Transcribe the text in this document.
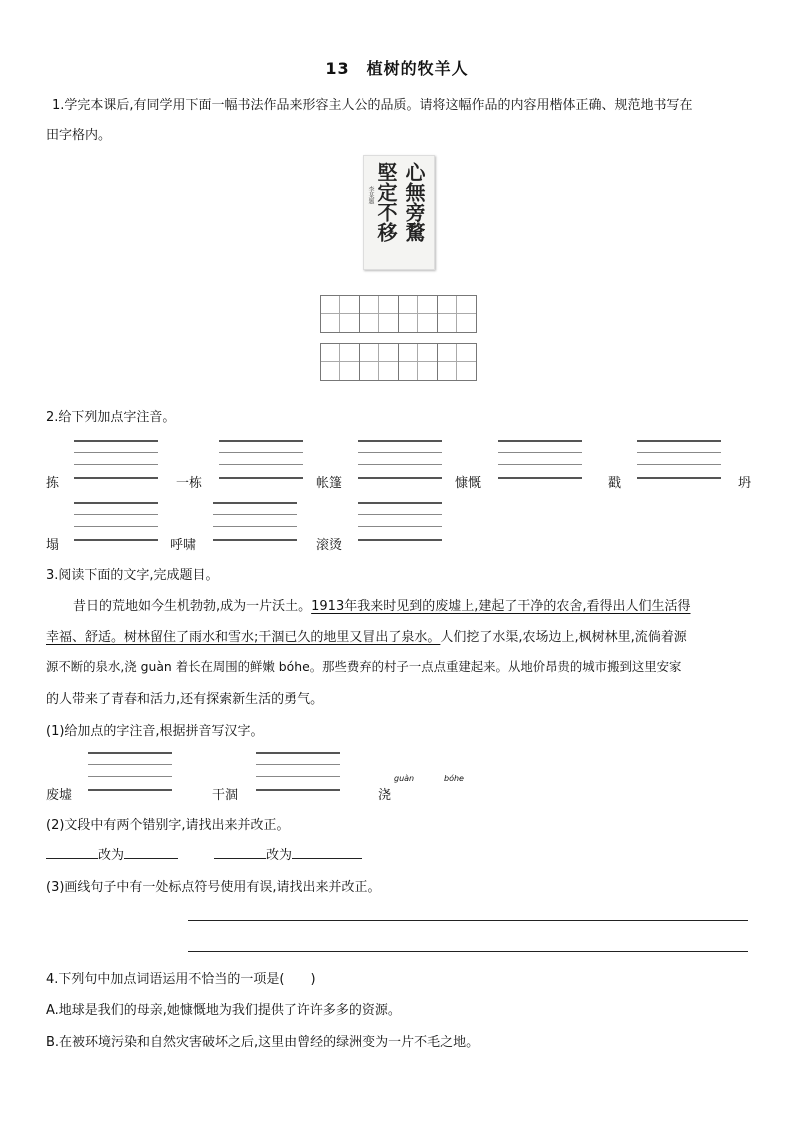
13　植树的牧羊人
1.学完本课后,有同学用下面一幅书法作品来形容主人公的品质。请将这幅作品的内容用楷体正确、规范地书写在
田字格内。
心無旁騖
堅定不移
李某题
2.给下列加点字注音。
拣	一栋	帐篷	慷慨	戳	坍
塌	呼啸	滚烫
3.阅读下面的文字,完成题目。
昔日的荒地如今生机勃勃,成为一片沃土。1913年我来时见到的废墟上,建起了干净的农舍,看得出人们生活得
幸福、舒适。树林留住了雨水和雪水;干涸已久的地里又冒出了泉水。人们挖了水渠,农场边上,枫树林里,流倘着源
源不断的泉水,浇 guàn 着长在周围的鲜嫩 bóhe。那些费弃的村子一点点重建起来。从地价昂贵的城市搬到这里安家
的人带来了青春和活力,还有探索新生活的勇气。
(1)给加点的字注音,根据拼音写汉字。
废墟	干涸	浇
guàn	bóhe
(2)文段中有两个错别字,请找出来并改正。
改为	改为
(3)画线句子中有一处标点符号使用有误,请找出来并改正。
4.下列句中加点词语运用不恰当的一项是(　　)
A.地球是我们的母亲,她慷慨地为我们提供了许许多多的资源。
B.在被环境污染和自然灾害破坏之后,这里由曾经的绿洲变为一片不毛之地。
